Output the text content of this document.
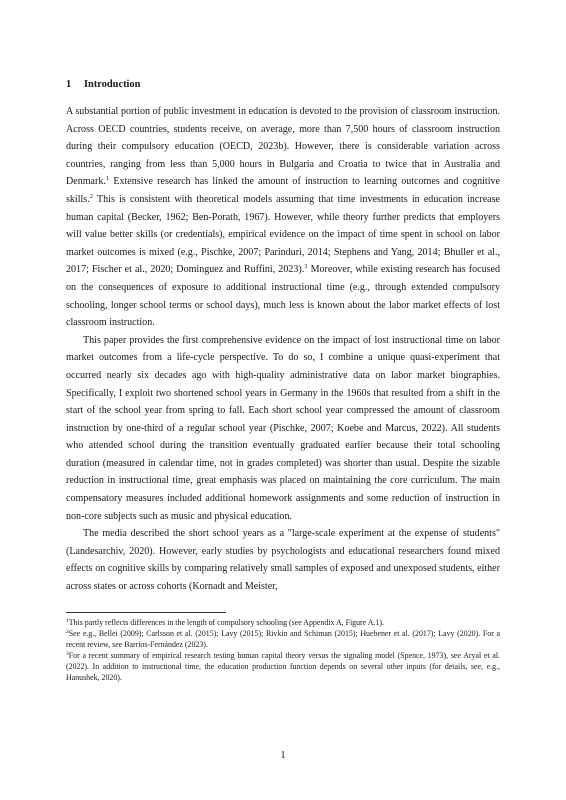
1 Introduction

A substantial portion of public investment in education is devoted to the provision of classroom instruction. Across OECD countries, students receive, on average, more than 7,500 hours of classroom instruction during their compulsory education (OECD, 2023b). However, there is considerable variation across countries, ranging from less than 5,000 hours in Bulgaria and Croatia to twice that in Australia and Denmark.$^1$ Extensive research has linked the amount of instruction to learning outcomes and cognitive skills.$^2$ This is consistent with theoretical models assuming that time investments in education increase human capital (Becker, 1962; Ben-Porath, 1967). However, while theory further predicts that employers will value better skills (or credentials), empirical evidence on the impact of time spent in school on labor market outcomes is mixed (e.g., Pischke, 2007; Parinduri, 2014; Stephens and Yang, 2014; Bhuller et al., 2017; Fischer et al., 2020; Dominguez and Ruffini, 2023).$^3$ Moreover, while existing research has focused on the consequences of exposure to additional instructional time (e.g., through extended compulsory schooling, longer school terms or school days), much less is known about the labor market effects of lost classroom instruction.

This paper provides the first comprehensive evidence on the impact of lost instructional time on labor market outcomes from a life-cycle perspective. To do so, I combine a unique quasi-experiment that occurred nearly six decades ago with high-quality administrative data on labor market biographies. Specifically, I exploit two shortened school years in Germany in the 1960s that resulted from a shift in the start of the school year from spring to fall. Each short school year compressed the amount of classroom instruction by one-third of a regular school year (Pischke, 2007; Koebe and Marcus, 2022). All students who attended school during the transition eventually graduated earlier because their total schooling duration (measured in calendar time, not in grades completed) was shorter than usual. Despite the sizable reduction in instructional time, great emphasis was placed on maintaining the core curriculum. The main compensatory measures included additional homework assignments and some reduction of instruction in non-core subjects such as music and physical education.

The media described the short school years as a "large-scale experiment at the expense of students" (Landesarchiv, 2020). However, early studies by psychologists and educational researchers found mixed effects on cognitive skills by comparing relatively small samples of exposed and unexposed students, either across states or across cohorts (Kornadt and Meister,

$^1$This partly reflects differences in the length of compulsory schooling (see Appendix A, Figure A.1).
$^2$See e.g., Bellei (2009); Carlsson et al. (2015); Lavy (2015); Rivkin and Schiman (2015); Huebener et al. (2017); Lavy (2020). For a recent review, see Barrios-Fernández (2023).
$^3$For a recent summary of empirical research testing human capital theory versus the signaling model (Spence, 1973), see Aryal et al. (2022). In addition to instructional time, the education production function depends on several other inputs (for details, see, e.g., Hanushek, 2020).
1
